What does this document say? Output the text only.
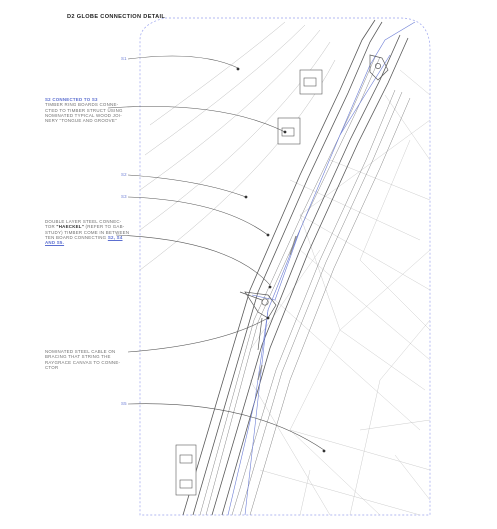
D2 GLOBE CONNECTION DETAIL
S1
S2 CONNECTED TO S3
TIMBER RING BOARDS CONNE-
CTED TO TIMBER STRUCT USING
NOMINATED TYPICAL WOOD JOI-
NERY "TONGUE AND GROOVE"
S2
S3
DOUBLE LAYER STEEL CONNEC-
TOR "HAECKEL" (REFER TO GAB-
STUDY) TIMBER COME IN BETWEEN
TEN BOARD CONNECTING S2, S4
AND S5.
NOMINATED STEEL CABLE ON
BRACING THAT STRING THE
RAYGRACE CANVAS TO CONNE-
CTOR
S5
